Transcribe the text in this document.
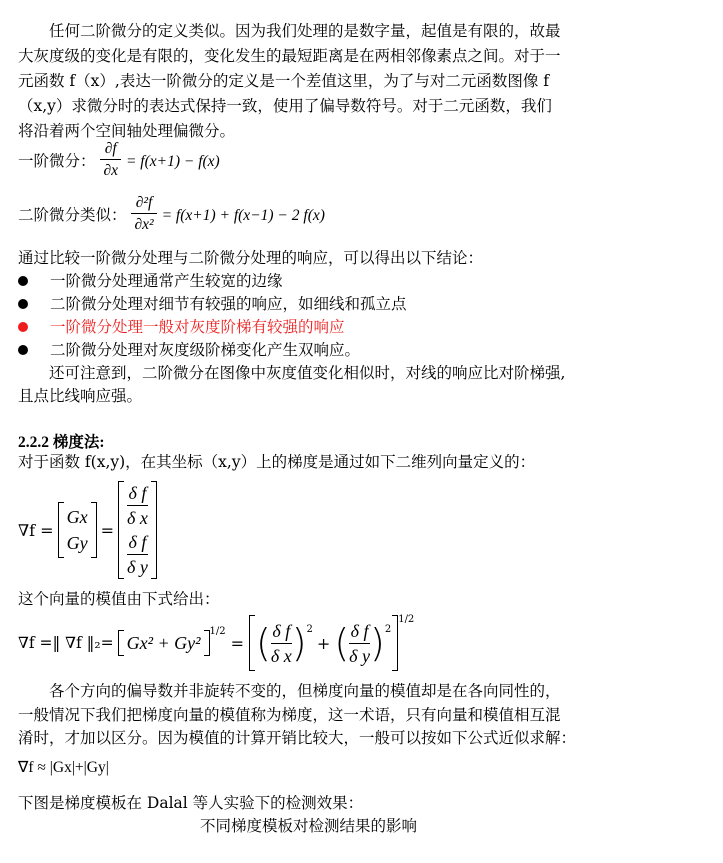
任何二阶微分的定义类似。因为我们处理的是数字量，起值是有限的，故最
大灰度级的变化是有限的，变化发生的最短距离是在两相邻像素点之间。对于一
元函数 f（x）,表达一阶微分的定义是一个差值这里，为了与对二元函数图像 f
（x,y）求微分时的表达式保持一致，使用了偏导数符号。对于二元函数，我们
将沿着两个空间轴处理偏微分。
一阶微分： $\frac{\partial f}{\partial x} = f(x+1) - f(x)$
二阶微分类似： $\frac{\text{∂²f}}{\text{∂x²}} = f(x+1) + f(x-1) - 2$ f(x)
通过比较一阶微分处理与二阶微分处理的响应，可以得出以下结论：
一阶微分处理通常产生较宽的边缘
二阶微分处理对细节有较强的响应，如细线和孤立点
一阶微分处理一般对灰度阶梯有较强的响应
二阶微分处理对灰度级阶梯变化产生双响应。
还可注意到，二阶微分在图像中灰度值变化相似时，对线的响应比对阶梯强,
且点比线响应强。
2.2.2 梯度法:
对于函数 f(x,y)，在其坐标（x,y）上的梯度是通过如下二维列向量定义的：
∇f =
Gx
Gy
=
δ f
δ x
δ f
δ y
这个向量的模值由下式给出：
∇f =‖ ∇f ‖₂= Gx² + Gy²
1/2
= ( $\frac{\text{δ f}}{\text{δ x}}$ ) 2
+ ( $\frac{\text{δ f}}{\text{δ y}}$ ) 2
1/2
各个方向的偏导数并非旋转不变的，但梯度向量的模值却是在各向同性的，
一般情况下我们把梯度向量的模值称为梯度，这一术语，只有向量和模值相互混
淆时，才加以区分。因为模值的计算开销比较大，一般可以按如下公式近似求解：
∇f ≈ |Gx|+|Gy|
下图是梯度模板在 Dalal 等人实验下的检测效果：
不同梯度模板对检测结果的影响
